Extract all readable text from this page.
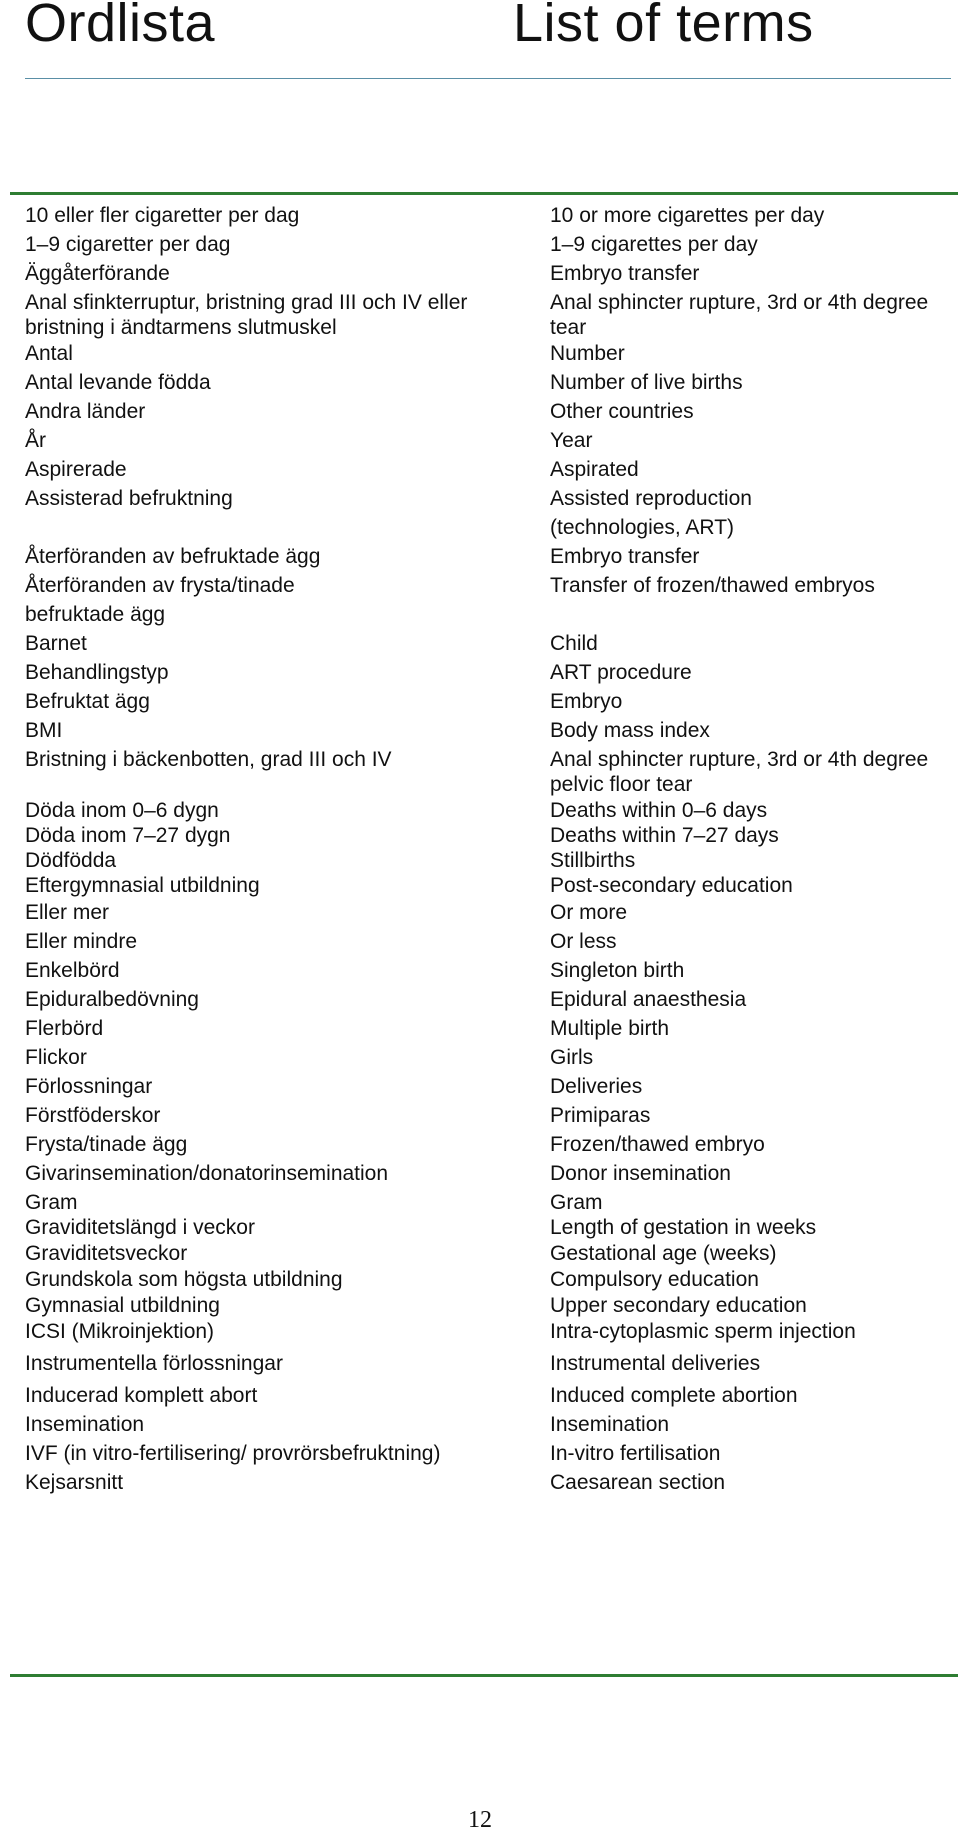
Ordlista	List of terms
10 eller fler cigaretter per dag	10 or more cigarettes per day
1–9 cigaretter per dag	1–9 cigarettes per day
Äggåterförande	Embryo transfer
Anal sfinkterruptur, bristning grad III och IV eller bristning i ändtarmens slutmuskel	Anal sphincter rupture, 3rd or 4th degree tear
Antal	Number
Antal levande födda	Number of live births
Andra länder	Other countries
År	Year
Aspirerade	Aspirated
Assisterad befruktning	Assisted reproduction
	(technologies, ART)
Återföranden av befruktade ägg	Embryo transfer
Återföranden av frysta/tinade	Transfer of frozen/thawed embryos
befruktade ägg	
Barnet	Child
Behandlingstyp	ART procedure
Befruktat ägg	Embryo
BMI	Body mass index
Bristning i bäckenbotten, grad III och IV	Anal sphincter rupture, 3rd or 4th degree pelvic floor tear
Döda inom 0–6 dygn	Deaths within 0–6 days
Döda inom 7–27 dygn	Deaths within 7–27 days
Dödfödda	Stillbirths
Eftergymnasial utbildning	Post-secondary education
Eller mer	Or more
Eller mindre	Or less
Enkelbörd	Singleton birth
Epiduralbedövning	Epidural anaesthesia
Flerbörd	Multiple birth
Flickor	Girls
Förlossningar	Deliveries
Förstföderskor	Primiparas
Frysta/tinade ägg	Frozen/thawed embryo
Givarinsemination/donatorinsemination	Donor insemination
Gram	Gram
Graviditetslängd i veckor	Length of gestation in weeks
Graviditetsveckor	Gestational age (weeks)
Grundskola som högsta utbildning	Compulsory education
Gymnasial utbildning	Upper secondary education
ICSI (Mikroinjektion)	Intra-cytoplasmic sperm injection
Instrumentella förlossningar	Instrumental deliveries
Inducerad komplett abort	Induced complete abortion
Insemination	Insemination
IVF (in vitro-fertilisering/ provrörsbefruktning)	In-vitro fertilisation
Kejsarsnitt	Caesarean section
12
